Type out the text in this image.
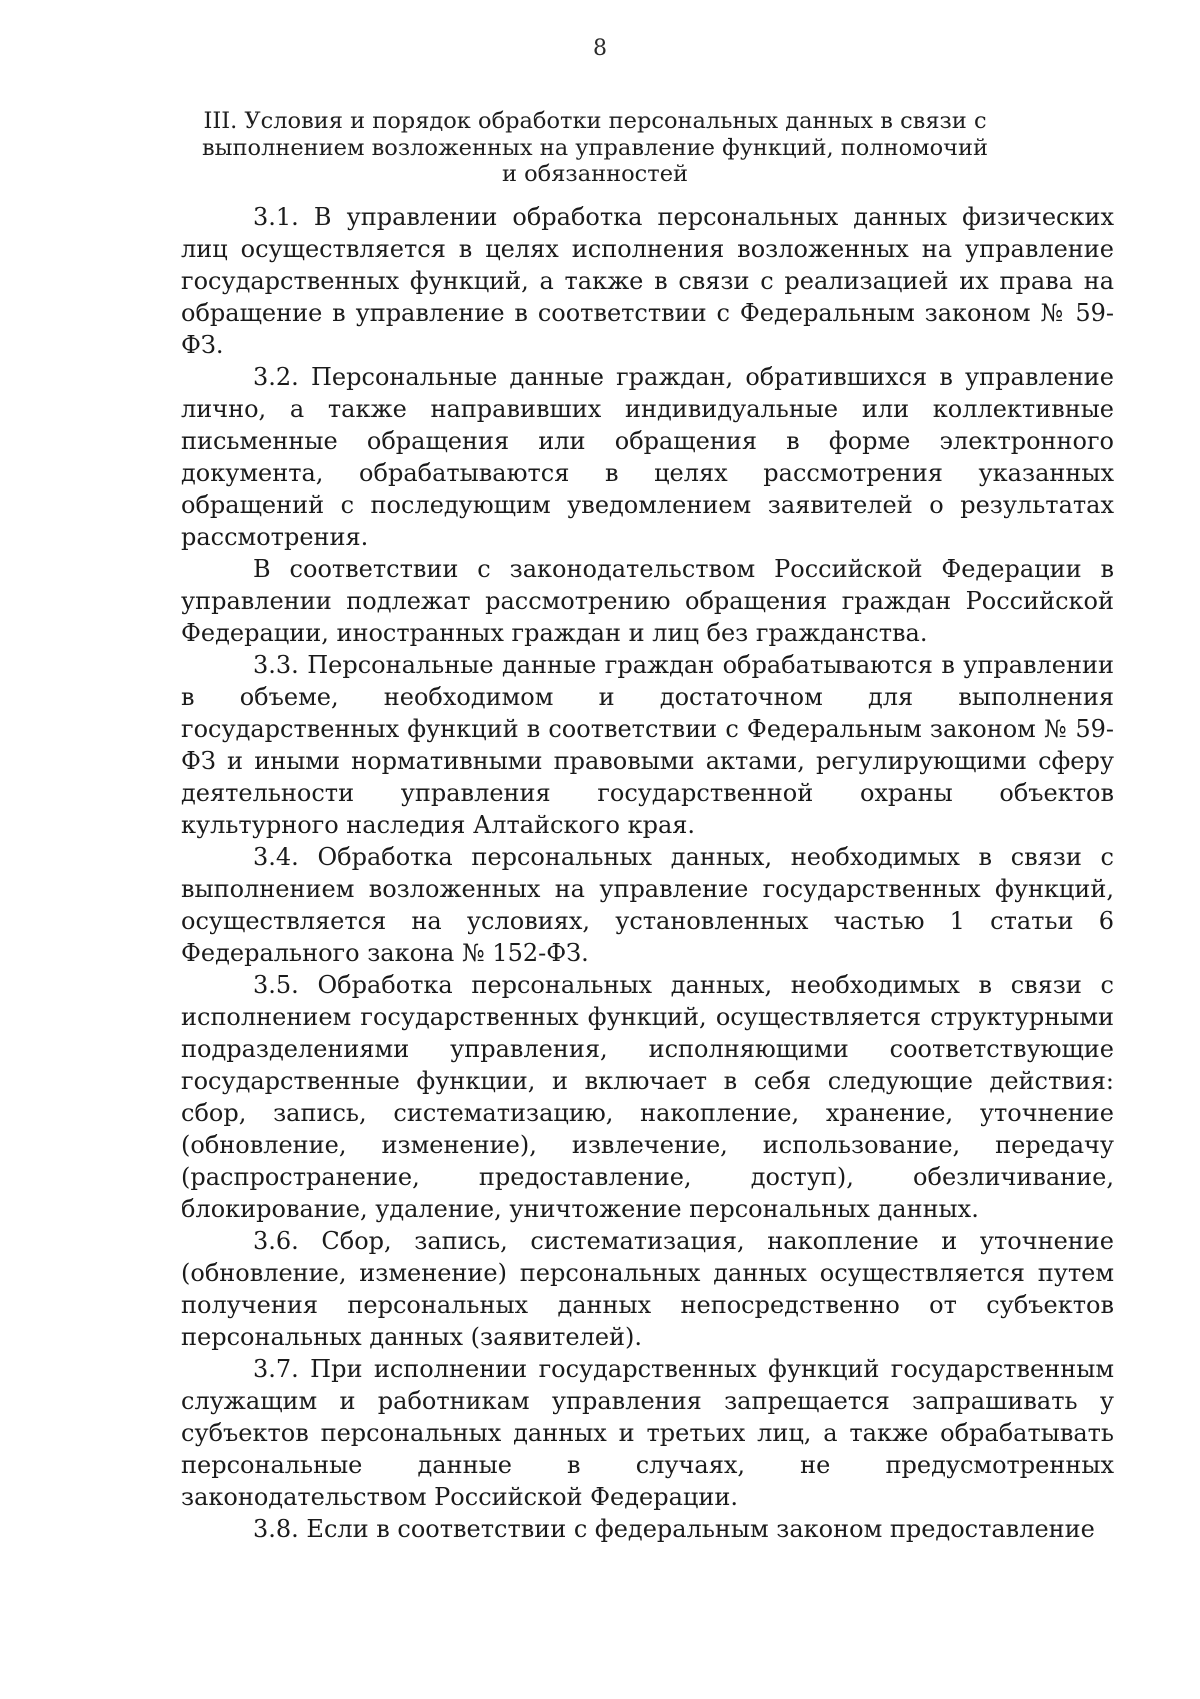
8
III. Условия и порядок обработки персональных данных в связи с выполнением возложенных на управление функций, полномочий и обязанностей

3.1. В управлении обработка персональных данных физических лиц осуществляется в целях исполнения возложенных на управление государственных функций, а также в связи с реализацией их права на обращение в управление в соответствии с Федеральным законом № 59-ФЗ.

3.2. Персональные данные граждан, обратившихся в управление лично, а также направивших индивидуальные или коллективные письменные обращения или обращения в форме электронного документа, обрабатываются в целях рассмотрения указанных обращений с последующим уведомлением заявителей о результатах рассмотрения.

В соответствии с законодательством Российской Федерации в управлении подлежат рассмотрению обращения граждан Российской Федерации, иностранных граждан и лиц без гражданства.

3.3. Персональные данные граждан обрабатываются в управлении в объеме, необходимом и достаточном для выполнения государственных функций в соответствии с Федеральным законом № 59-ФЗ и иными нормативными правовыми актами, регулирующими сферу деятельности управления государственной охраны объектов культурного наследия Алтайского края.

3.4. Обработка персональных данных, необходимых в связи с выполнением возложенных на управление государственных функций, осуществляется на условиях, установленных частью 1 статьи 6 Федерального закона № 152-ФЗ.

3.5. Обработка персональных данных, необходимых в связи с исполнением государственных функций, осуществляется структурными подразделениями управления, исполняющими соответствующие государственные функции, и включает в себя следующие действия: сбор, запись, систематизацию, накопление, хранение, уточнение (обновление, изменение), извлечение, использование, передачу (распространение, предоставление, доступ), обезличивание, блокирование, удаление, уничтожение персональных данных.

3.6. Сбор, запись, систематизация, накопление и уточнение (обновление, изменение) персональных данных осуществляется путем получения персональных данных непосредственно от субъектов персональных данных (заявителей).

3.7. При исполнении государственных функций государственным служащим и работникам управления запрещается запрашивать у субъектов персональных данных и третьих лиц, а также обрабатывать персональные данные в случаях, не предусмотренных законодательством Российской Федерации.

3.8. Если в соответствии с федеральным законом предоставление
